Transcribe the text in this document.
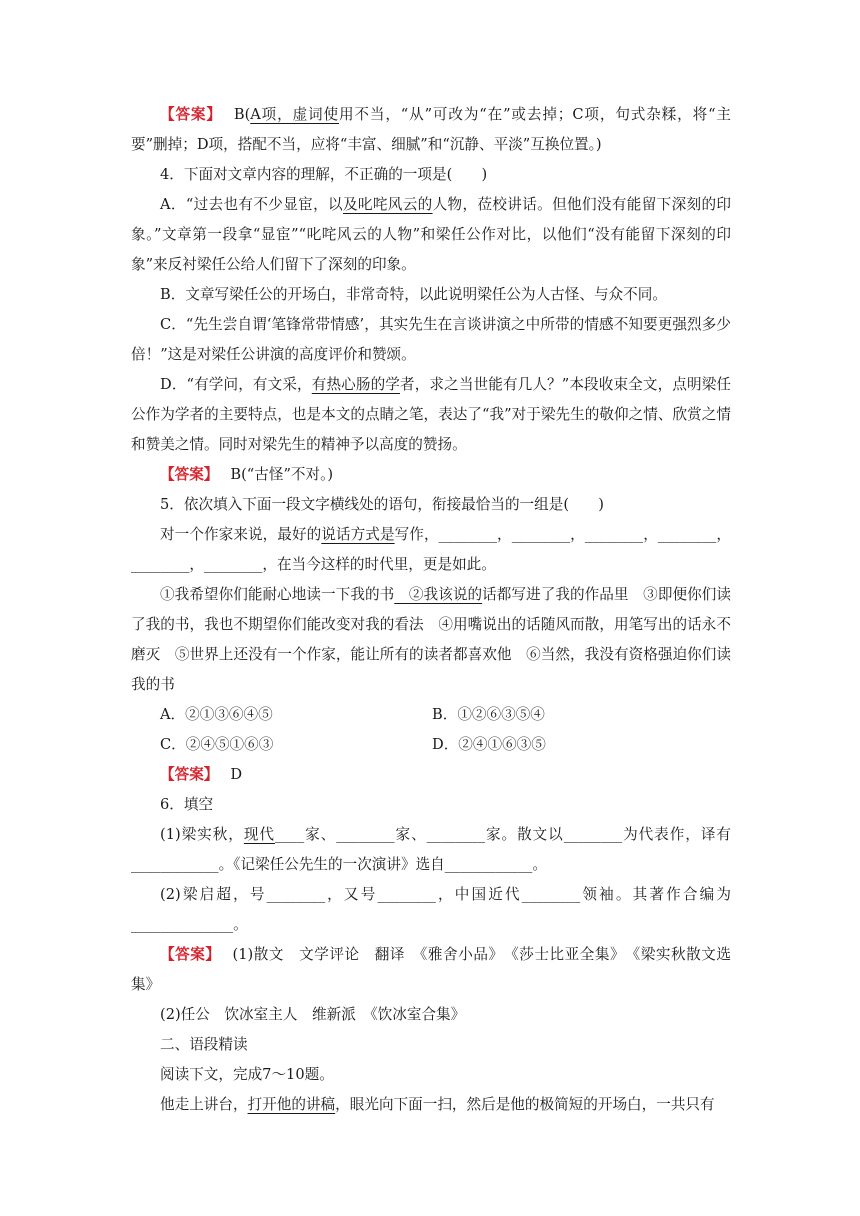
【答案】 B(A项，虚词使用不当，“从”可改为“在”或去掉；C项，句式杂糅，将“主要”删掉；D项，搭配不当，应将“丰富、细腻”和“沉静、平淡”互换位置。)

4．下面对文章内容的理解，不正确的一项是(　　)

A．“过去也有不少显宦，以及叱咤风云的人物，莅校讲话。但他们没有能留下深刻的印象。”文章第一段拿“显宦”“叱咤风云的人物”和梁任公作对比，以他们“没有能留下深刻的印象”来反衬梁任公给人们留下了深刻的印象。

B．文章写梁任公的开场白，非常奇特，以此说明梁任公为人古怪、与众不同。

C．“先生尝自谓‘笔锋常带情感’，其实先生在言谈讲演之中所带的情感不知要更强烈多少倍！”这是对梁任公讲演的高度评价和赞颂。

D．“有学问，有文采，有热心肠的学者，求之当世能有几人？”本段收束全文，点明梁任公作为学者的主要特点，也是本文的点睛之笔，表达了“我”对于梁先生的敬仰之情、欣赏之情和赞美之情。同时对梁先生的精神予以高度的赞扬。

【答案】 B(“古怪”不对。)

5．依次填入下面一段文字横线处的语句，衔接最恰当的一组是(　　)

对一个作家来说，最好的说话方式是写作，________，________，________，________，________，________，在当今这样的时代里，更是如此。

①我希望你们能耐心地读一下我的书　②我该说的话都写进了我的作品里　③即便你们读了我的书，我也不期望你们能改变对我的看法　④用嘴说出的话随风而散，用笔写出的话永不磨灭　⑤世界上还没有一个作家，能让所有的读者都喜欢他　⑥当然，我没有资格强迫你们读我的书

A．②①③⑥④⑤	B．①②⑥③⑤④
C．②④⑤①⑥③	D．②④①⑥③⑤

【答案】 D

6．填空

(1)梁实秋，现代____家、________家、________家。散文以________为代表作，译有____________。《记梁任公先生的一次演讲》选自____________。

(2)梁启超，号________，又号________，中国近代________领袖。其著作合编为______________。

【答案】 (1)散文　文学评论　翻译　《雅舍小品》　《莎士比亚全集》　《梁实秋散文选集》

(2)任公　饮冰室主人　维新派　《饮冰室合集》

二、语段精读

阅读下文，完成7～10题。

他走上讲台，打开他的讲稿，眼光向下面一扫，然后是他的极简短的开场白，一共只有
